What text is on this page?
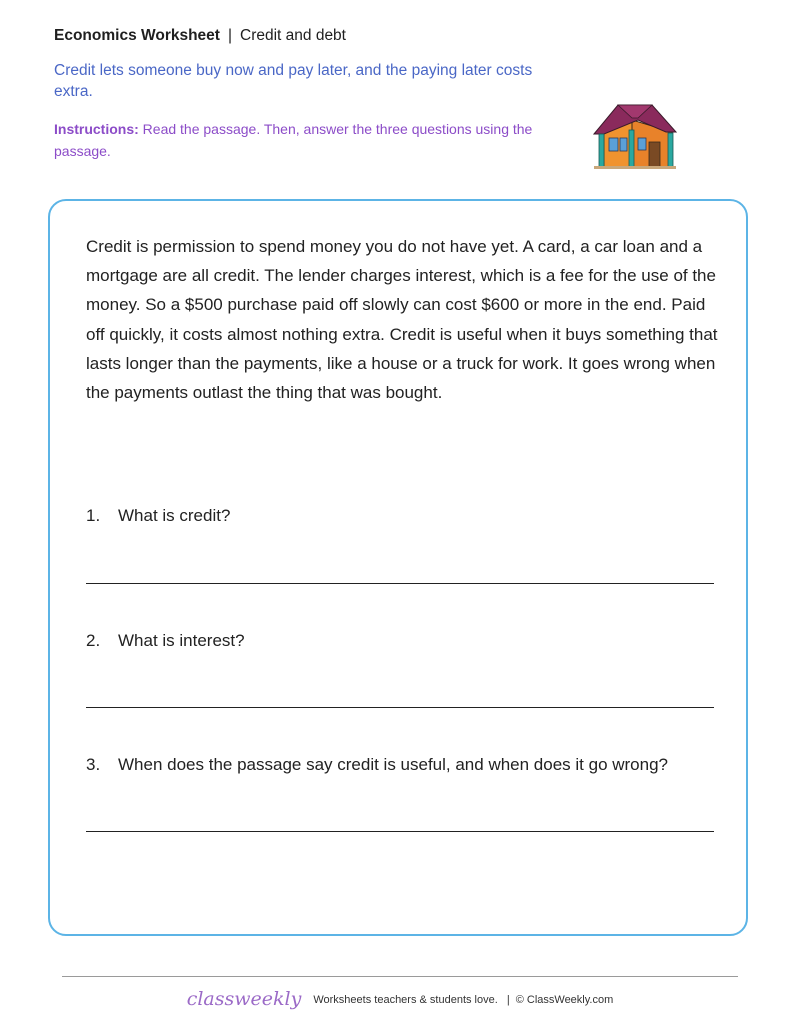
Economics Worksheet | Credit and debt
Credit lets someone buy now and pay later, and the paying later costs extra.
Instructions: Read the passage. Then, answer the three questions using the passage.
Credit is permission to spend money you do not have yet. A card, a car loan and a mortgage are all credit. The lender charges interest, which is a fee for the use of the money. So a $500 purchase paid off slowly can cost $600 or more in the end. Paid off quickly, it costs almost nothing extra. Credit is useful when it buys something that lasts longer than the payments, like a house or a truck for work. It goes wrong when the payments outlast the thing that was bought.
1. What is credit?
2. What is interest?
3. When does the passage say credit is useful, and when does it go wrong?
classweekly Worksheets teachers & students love. | © ClassWeekly.com
